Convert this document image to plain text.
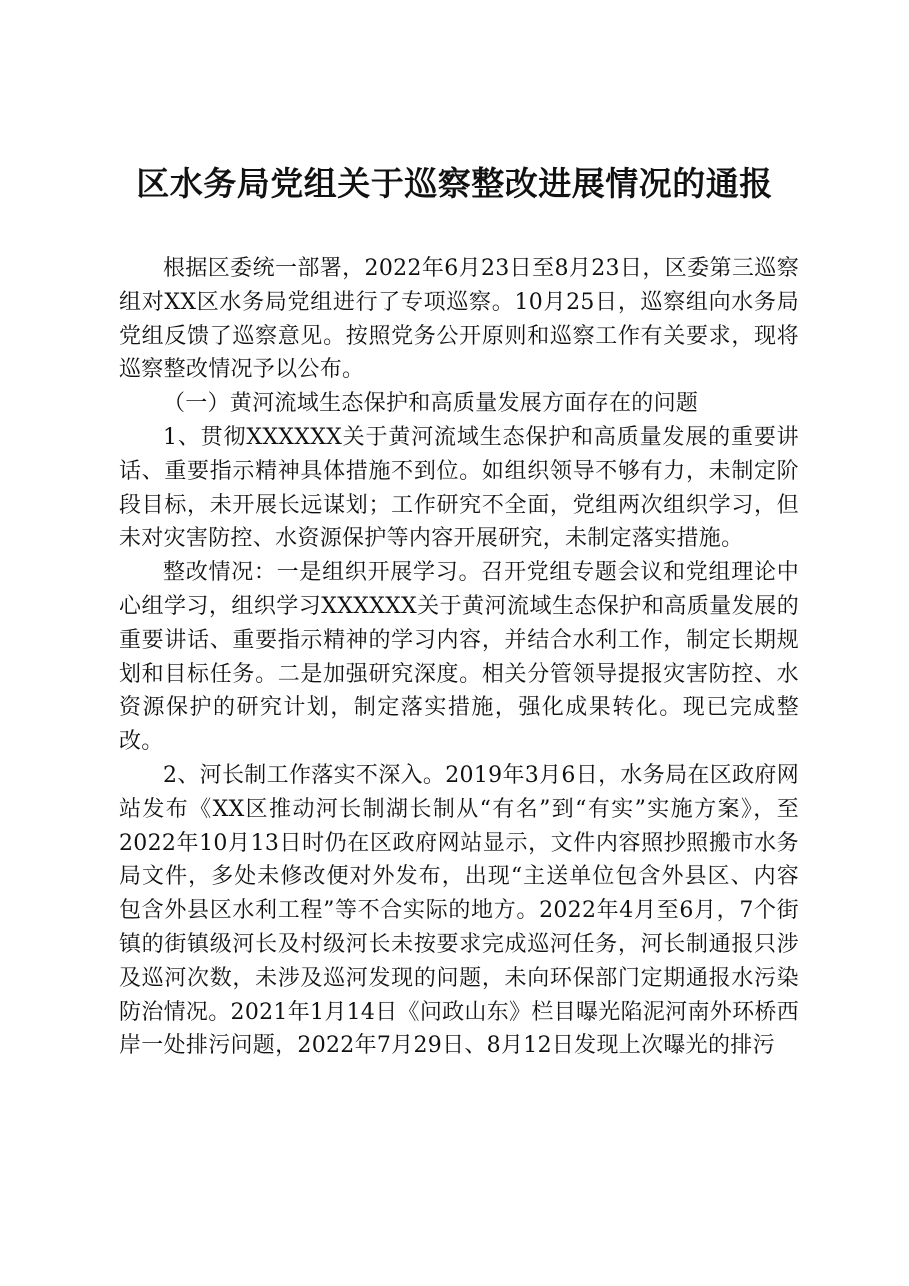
区水务局党组关于巡察整改进展情况的通报

根据区委统一部署，2022年6月23日至8月23日，区委第三巡察组对XX区水务局党组进行了专项巡察。10月25日，巡察组向水务局党组反馈了巡察意见。按照党务公开原则和巡察工作有关要求，现将巡察整改情况予以公布。

（一）黄河流域生态保护和高质量发展方面存在的问题

1、贯彻XXXXXX关于黄河流域生态保护和高质量发展的重要讲话、重要指示精神具体措施不到位。如组织领导不够有力，未制定阶段目标，未开展长远谋划；工作研究不全面，党组两次组织学习，但未对灾害防控、水资源保护等内容开展研究，未制定落实措施。

整改情况：一是组织开展学习。召开党组专题会议和党组理论中心组学习，组织学习XXXXXX关于黄河流域生态保护和高质量发展的重要讲话、重要指示精神的学习内容，并结合水利工作，制定长期规划和目标任务。二是加强研究深度。相关分管领导提报灾害防控、水资源保护的研究计划，制定落实措施，强化成果转化。现已完成整改。

2、河长制工作落实不深入。2019年3月6日，水务局在区政府网站发布《XX区推动河长制湖长制从“有名”到“有实”实施方案》，至2022年10月13日时仍在区政府网站显示，文件内容照抄照搬市水务局文件，多处未修改便对外发布，出现“主送单位包含外县区、内容包含外县区水利工程”等不合实际的地方。2022年4月至6月，7个街镇的街镇级河长及村级河长未按要求完成巡河任务，河长制通报只涉及巡河次数，未涉及巡河发现的问题，未向环保部门定期通报水污染防治情况。2021年1月14日《问政山东》栏目曝光陷泥河南外环桥西岸一处排污问题，2022年7月29日、8月12日发现上次曝光的排污
